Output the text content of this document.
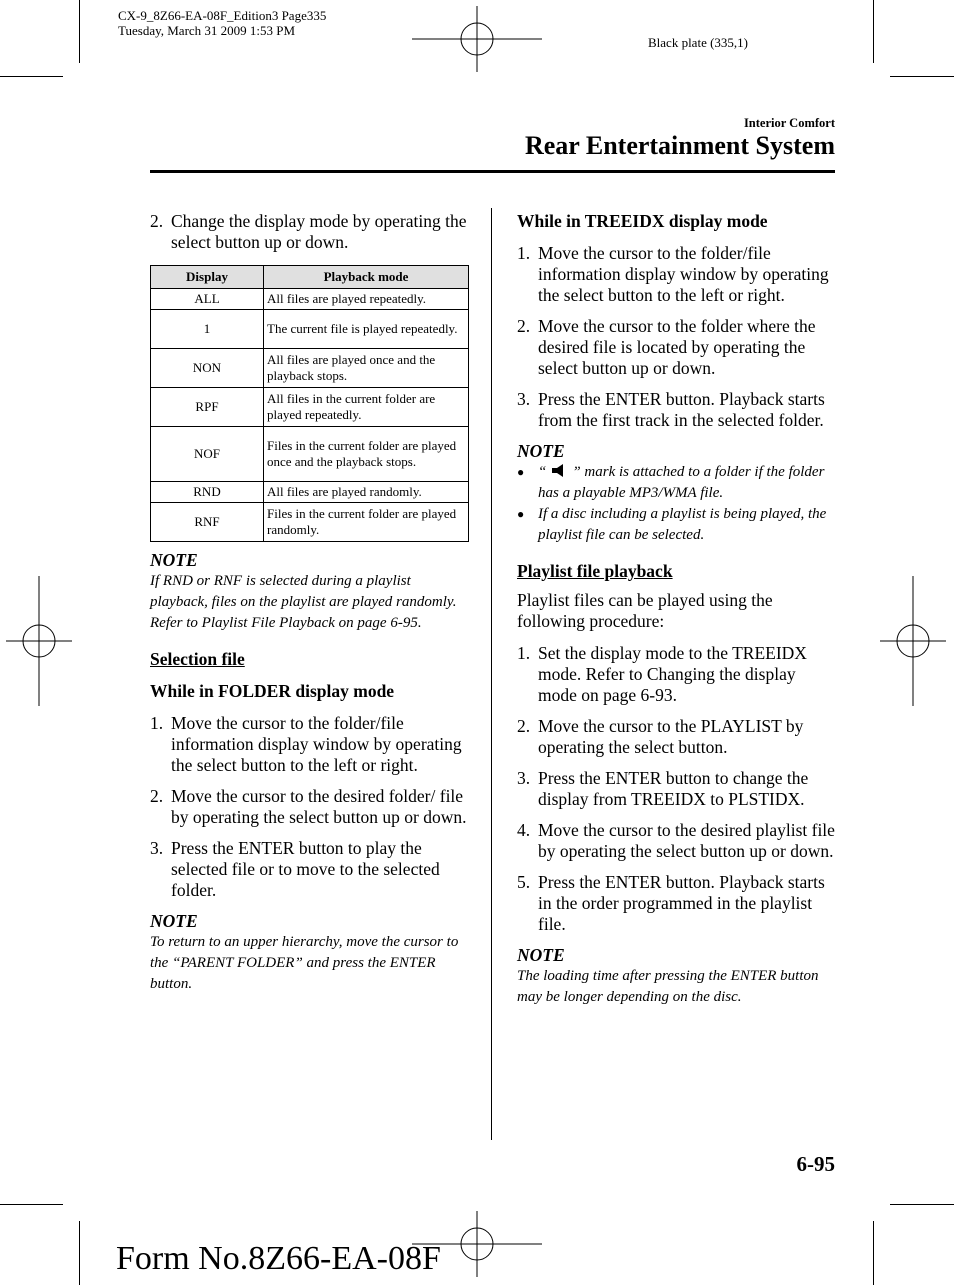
CX-9_8Z66-EA-08F_Edition3 Page335
Tuesday, March 31 2009 1:53 PM
Black plate (335,1)
Interior Comfort
Rear Entertainment System
2. Change the display mode by operating the select button up or down.
Display	Playback mode
ALL	All files are played repeatedly.
1	The current file is played repeatedly.
NON	All files are played once and the playback stops.
RPF	All files in the current folder are played repeatedly.
NOF	Files in the current folder are played once and the playback stops.
RND	All files are played randomly.
RNF	Files in the current folder are played randomly.
NOTE
If RND or RNF is selected during a playlist playback, files on the playlist are played randomly. Refer to Playlist File Playback on page 6-95.
Selection file
While in FOLDER display mode
1. Move the cursor to the folder/file information display window by operating the select button to the left or right.
2. Move the cursor to the desired folder/ file by operating the select button up or down.
3. Press the ENTER button to play the selected file or to move to the selected folder.
NOTE
To return to an upper hierarchy, move the cursor to the “PARENT FOLDER” and press the ENTER button.
While in TREEIDX display mode
1. Move the cursor to the folder/file information display window by operating the select button to the left or right.
2. Move the cursor to the folder where the desired file is located by operating the select button up or down.
3. Press the ENTER button. Playback starts from the first track in the selected folder.
NOTE
● “ ” mark is attached to a folder if the folder has a playable MP3/WMA file.
● If a disc including a playlist is being played, the playlist file can be selected.
Playlist file playback

Playlist files can be played using the following procedure:

1. Set the display mode to the TREEIDX mode. Refer to Changing the display mode on page 6-93.
2. Move the cursor to the PLAYLIST by operating the select button.
3. Press the ENTER button to change the display from TREEIDX to PLSTIDX.
4. Move the cursor to the desired playlist file by operating the select button up or down.
5. Press the ENTER button. Playback starts in the order programmed in the playlist file.
NOTE
The loading time after pressing the ENTER button may be longer depending on the disc.
6-95
Form No.8Z66-EA-08F
